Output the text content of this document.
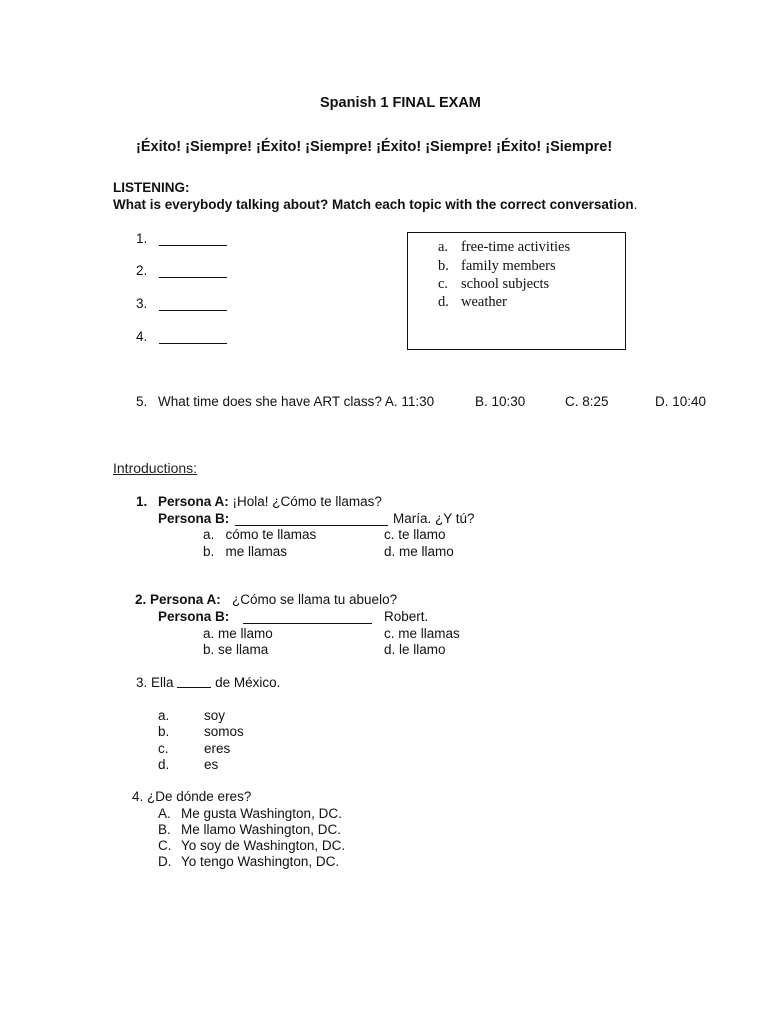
Spanish 1 FINAL EXAM
¡Éxito! ¡Siempre! ¡Éxito! ¡Siempre! ¡Éxito! ¡Siempre! ¡Éxito! ¡Siempre!
LISTENING:
What is everybody talking about? Match each topic with the correct conversation.
1.
2.
3.
4.
a. free-time activities
b. family members
c. school subjects
d. weather
5. What time does she have ART class? A. 11:30	B. 10:30	C. 8:25	D. 10:40
Introductions:
1. Persona A: ¡Hola! ¿Cómo te llamas?
Persona B:	María. ¿Y tú?
a.   cómo te llamas	c. te llamo
b.   me llamas	d. me llamo
2. Persona A: ¿Cómo se llama tu abuelo?
Persona B:	Robert.
a. me llamo	c. me llamas
b. se llama	d. le llamo
3. Ella	de México.
a.	soy
b.	somos
c.	eres
d.	es
4. ¿De dónde eres?
A. Me gusta Washington, DC.
B. Me llamo Washington, DC.
C. Yo soy de Washington, DC.
D. Yo tengo Washington, DC.
